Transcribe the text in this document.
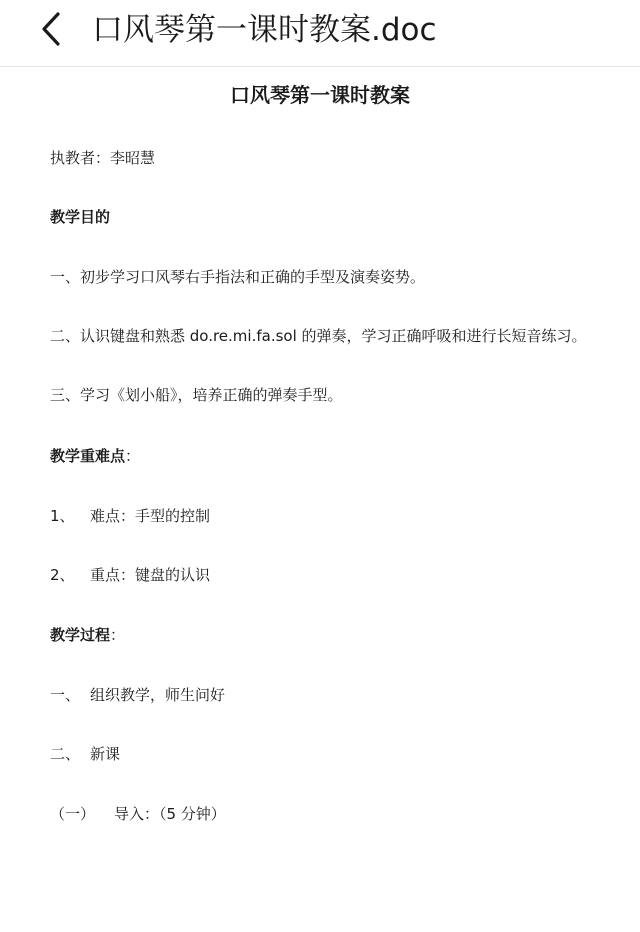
口风琴第一课时教案.doc
口风琴第一课时教案
执教者：李昭慧
教学目的
一、初步学习口风琴右手指法和正确的手型及演奏姿势。
二、认识键盘和熟悉 do.re.mi.fa.sol 的弹奏，学习正确呼吸和进行长短音练习。
三、学习《划小船》，培养正确的弹奏手型。
教学重难点：
1、 难点：手型的控制
2、 重点：键盘的认识
教学过程：
一、 组织教学，师生问好
二、 新课
（一） 导入：（5 分钟）
